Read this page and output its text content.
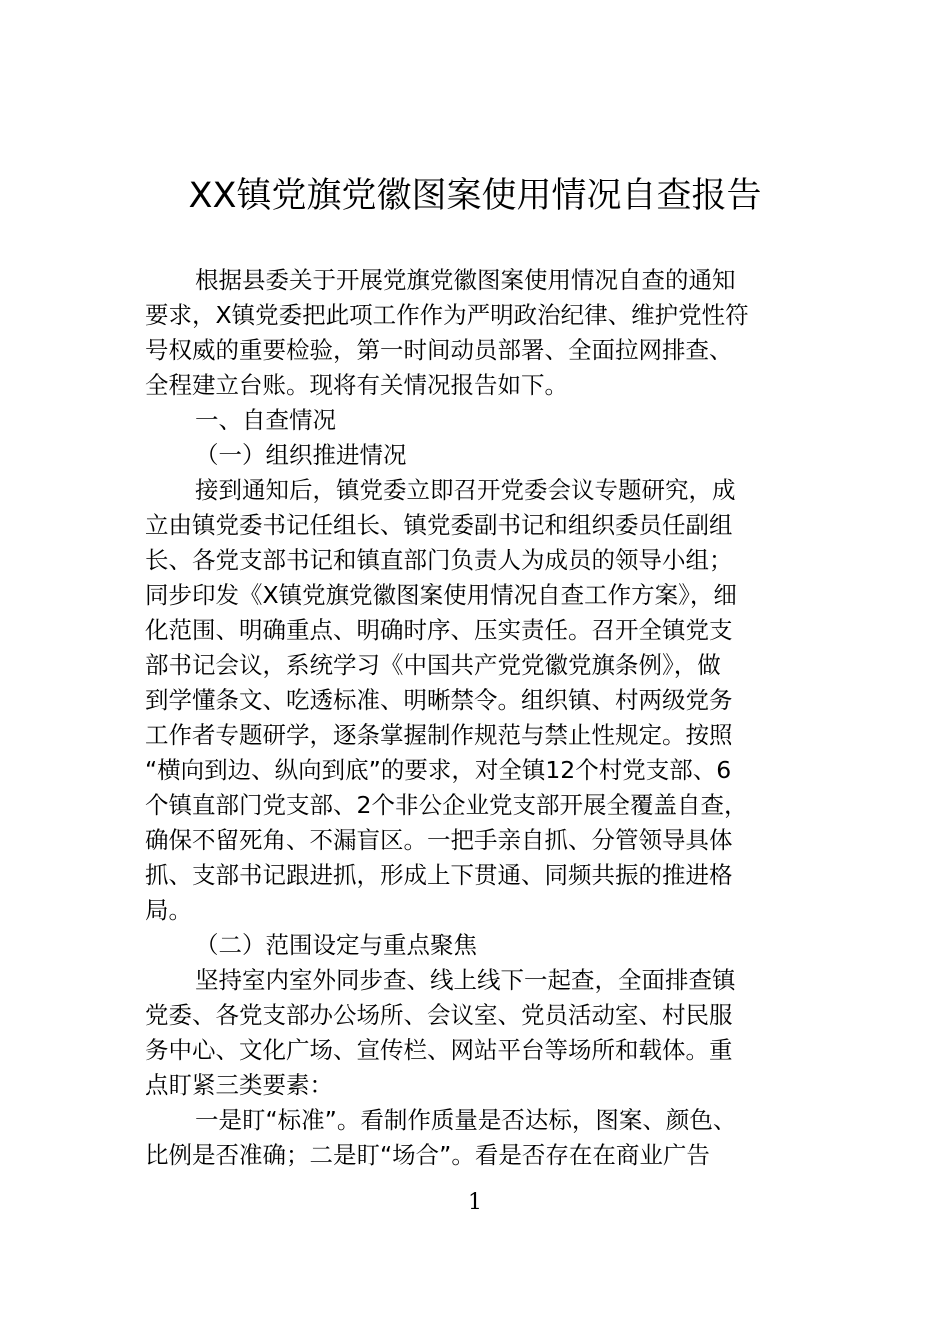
XX镇党旗党徽图案使用情况自查报告
根据县委关于开展党旗党徽图案使用情况自查的通知
要求，X镇党委把此项工作作为严明政治纪律、维护党性符
号权威的重要检验，第一时间动员部署、全面拉网排查、
全程建立台账。现将有关情况报告如下。
一、自查情况
（一）组织推进情况
接到通知后，镇党委立即召开党委会议专题研究，成
立由镇党委书记任组长、镇党委副书记和组织委员任副组
长、各党支部书记和镇直部门负责人为成员的领导小组；
同步印发《X镇党旗党徽图案使用情况自查工作方案》，细
化范围、明确重点、明确时序、压实责任。召开全镇党支
部书记会议，系统学习《中国共产党党徽党旗条例》，做
到学懂条文、吃透标准、明晰禁令。组织镇、村两级党务
工作者专题研学，逐条掌握制作规范与禁止性规定。按照
“横向到边、纵向到底”的要求，对全镇12个村党支部、6
个镇直部门党支部、2个非公企业党支部开展全覆盖自查，
确保不留死角、不漏盲区。一把手亲自抓、分管领导具体
抓、支部书记跟进抓，形成上下贯通、同频共振的推进格
局。
（二）范围设定与重点聚焦
坚持室内室外同步查、线上线下一起查，全面排查镇
党委、各党支部办公场所、会议室、党员活动室、村民服
务中心、文化广场、宣传栏、网站平台等场所和载体。重
点盯紧三类要素：
一是盯“标准”。看制作质量是否达标，图案、颜色、
比例是否准确；二是盯“场合”。看是否存在在商业广告
1
